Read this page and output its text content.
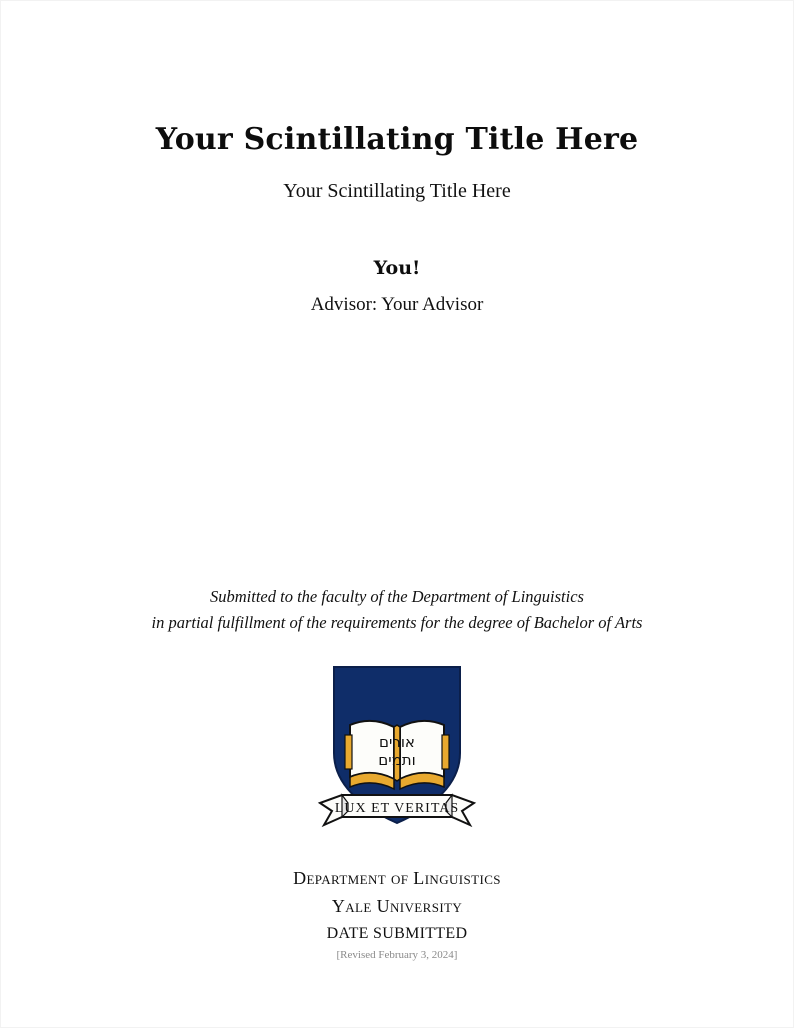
Your Scintillating Title Here
Your Scintillating Title Here
You!
Advisor: Your Advisor
Submitted to the faculty of the Department of Linguistics
in partial fulfillment of the requirements for the degree of Bachelor of Arts
אורים
ותמים
LUX ET VERITAS
Department of Linguistics
Yale University
DATE SUBMITTED
[Revised February 3, 2024]
